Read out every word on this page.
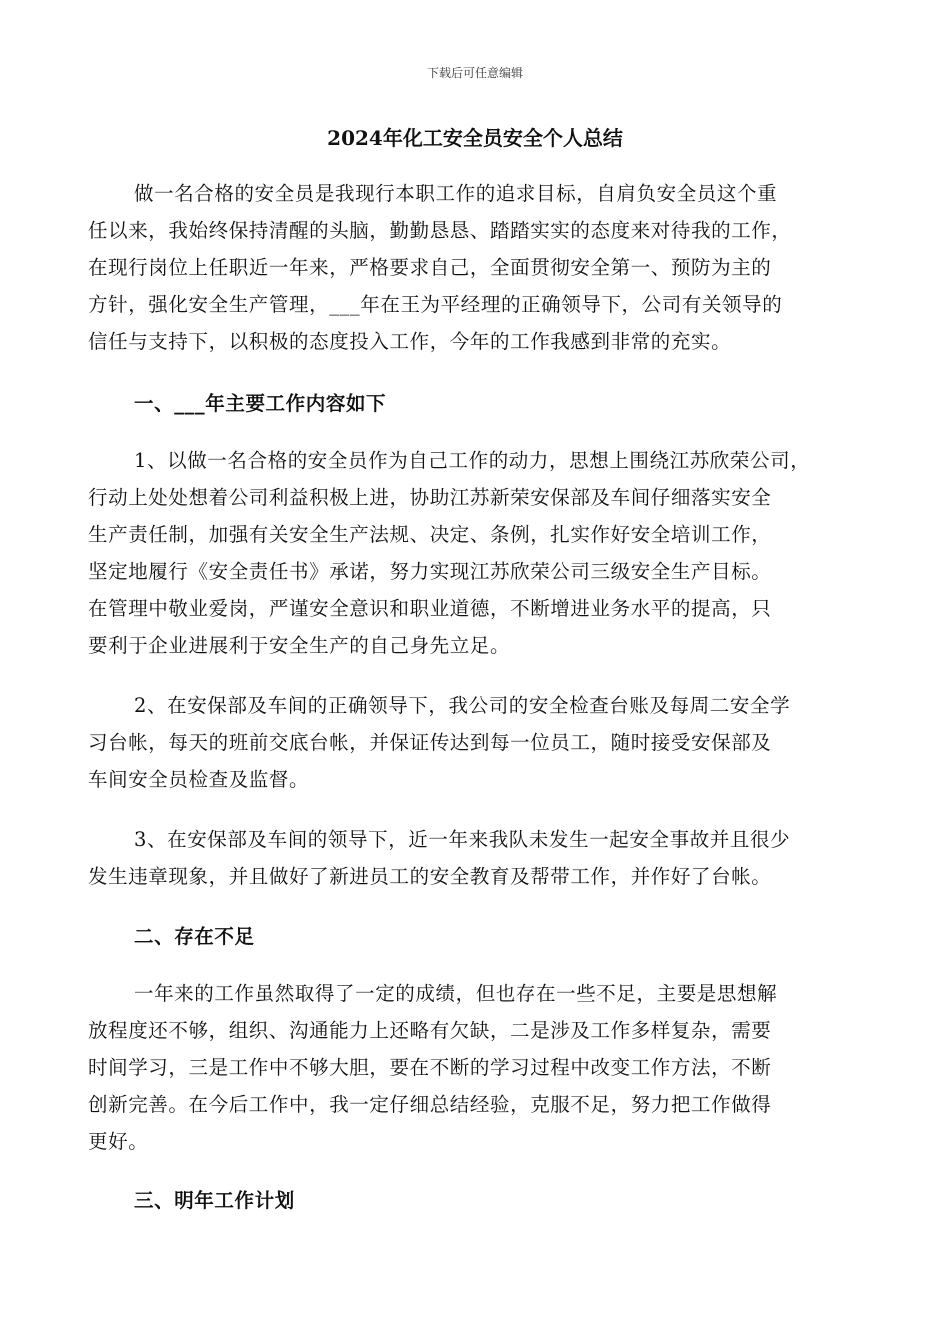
下载后可任意编辑
2024年化工安全员安全个人总结
做一名合格的安全员是我现行本职工作的追求目标，自肩负安全员这个重
任以来，我始终保持清醒的头脑，勤勤恳恳、踏踏实实的态度来对待我的工作，
在现行岗位上任职近一年来，严格要求自己，全面贯彻安全第一、预防为主的
方针，强化安全生产管理，___年在王为平经理的正确领导下，公司有关领导的
信任与支持下，以积极的态度投入工作，今年的工作我感到非常的充实。
一、___年主要工作内容如下
1、以做一名合格的安全员作为自己工作的动力，思想上围绕江苏欣荣公司，
行动上处处想着公司利益积极上进，协助江苏新荣安保部及车间仔细落实安全
生产责任制，加强有关安全生产法规、决定、条例，扎实作好安全培训工作，
坚定地履行《安全责任书》承诺，努力实现江苏欣荣公司三级安全生产目标。
在管理中敬业爱岗，严谨安全意识和职业道德，不断增进业务水平的提高，只
要利于企业进展利于安全生产的自己身先立足。
2、在安保部及车间的正确领导下，我公司的安全检查台账及每周二安全学
习台帐，每天的班前交底台帐，并保证传达到每一位员工，随时接受安保部及
车间安全员检查及监督。
3、在安保部及车间的领导下，近一年来我队未发生一起安全事故并且很少
发生违章现象，并且做好了新进员工的安全教育及帮带工作，并作好了台帐。
二、存在不足
一年来的工作虽然取得了一定的成绩，但也存在一些不足，主要是思想解
放程度还不够，组织、沟通能力上还略有欠缺，二是涉及工作多样复杂，需要
时间学习，三是工作中不够大胆，要在不断的学习过程中改变工作方法，不断
创新完善。在今后工作中，我一定仔细总结经验，克服不足，努力把工作做得
更好。
三、明年工作计划
